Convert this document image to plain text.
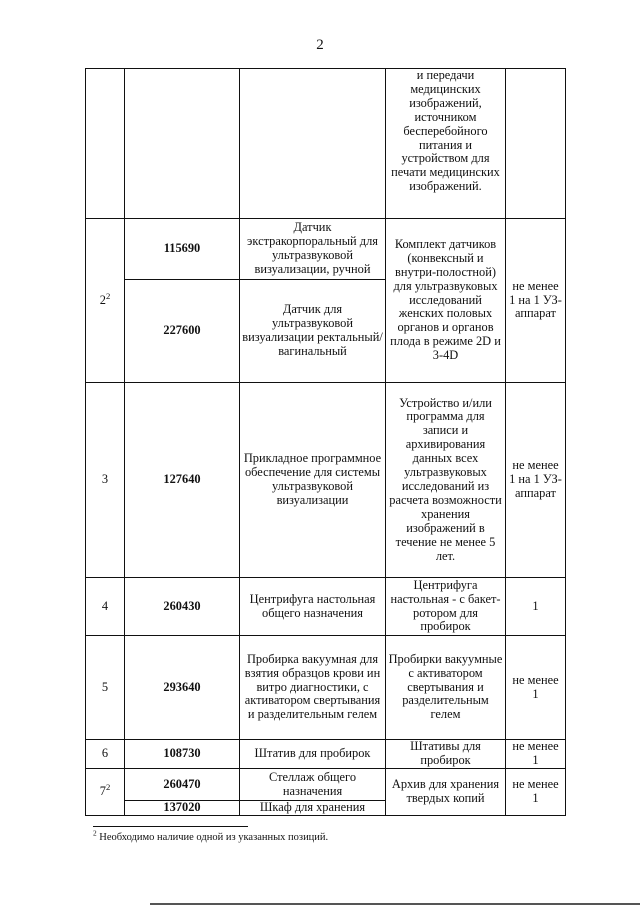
2
			и передачи медицинских изображений, источником бесперебойного питания и устройством для печати медицинских изображений.	
$2^2$	115690	Датчик экстракорпоральный для ультразвуковой визуализации, ручной	Комплект датчиков (конвексный и внутри-полостной) для ультразвуковых исследований женских половых органов и органов плода в режиме 2D и 3-4D	не менее 1 на 1 УЗ-аппарат
	227600	Датчик для ультразвуковой визуализации ректальный/ вагинальный		
3	127640	Прикладное программное обеспечение для системы ультразвуковой визуализации	Устройство и/или программа для записи и архивирования данных всех ультразвуковых исследований из расчета возможности хранения изображений в течение не менее 5 лет.	не менее 1 на 1 УЗ-аппарат
4	260430	Центрифуга настольная общего назначения	Центрифуга настольная - с бакет-ротором для пробирок	1
5	293640	Пробирка вакуумная для взятия образцов крови ин витро диагностики, с активатором свертывания и разделительным гелем	Пробирки вакуумные с активатором свертывания и разделительным гелем	не менее 1
6	108730	Штатив для пробирок	Штативы для пробирок	не менее 1
$7^2$	260470	Стеллаж общего назначения	Архив для хранения твердых копий	не менее 1
	137020	Шкаф для хранения		
$^2$ Необходимо наличие одной из указанных позиций.
